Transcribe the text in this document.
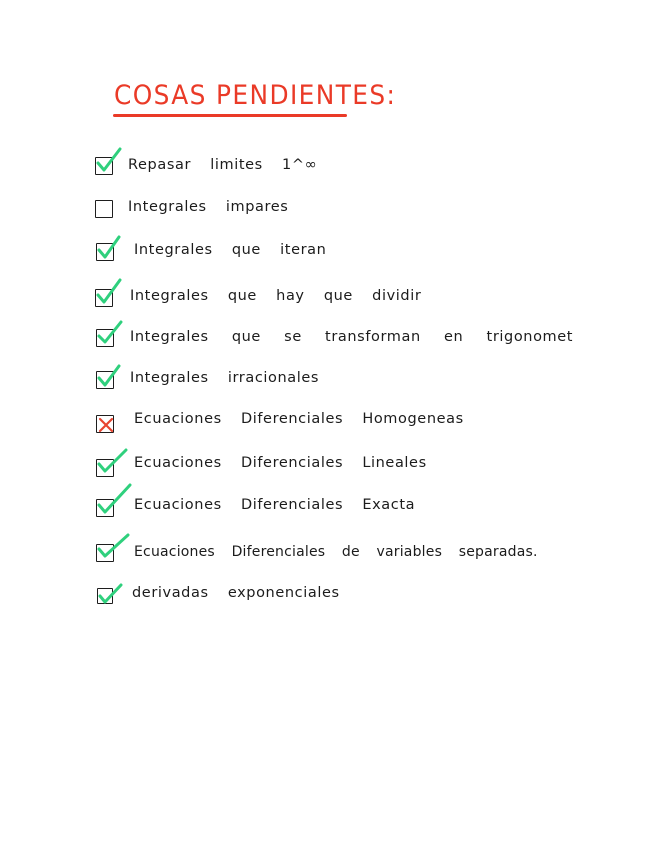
COSAS PENDIENTES:
Repasar limites 1^∞
Integrales impares
Integrales que iteran
Integrales que hay que dividir
Integrales que se transforman en trigonomet
Integrales irracionales
Ecuaciones Diferenciales Homogeneas
Ecuaciones Diferenciales Lineales
Ecuaciones Diferenciales Exacta
Ecuaciones Diferenciales de variables separadas.
derivadas exponenciales
